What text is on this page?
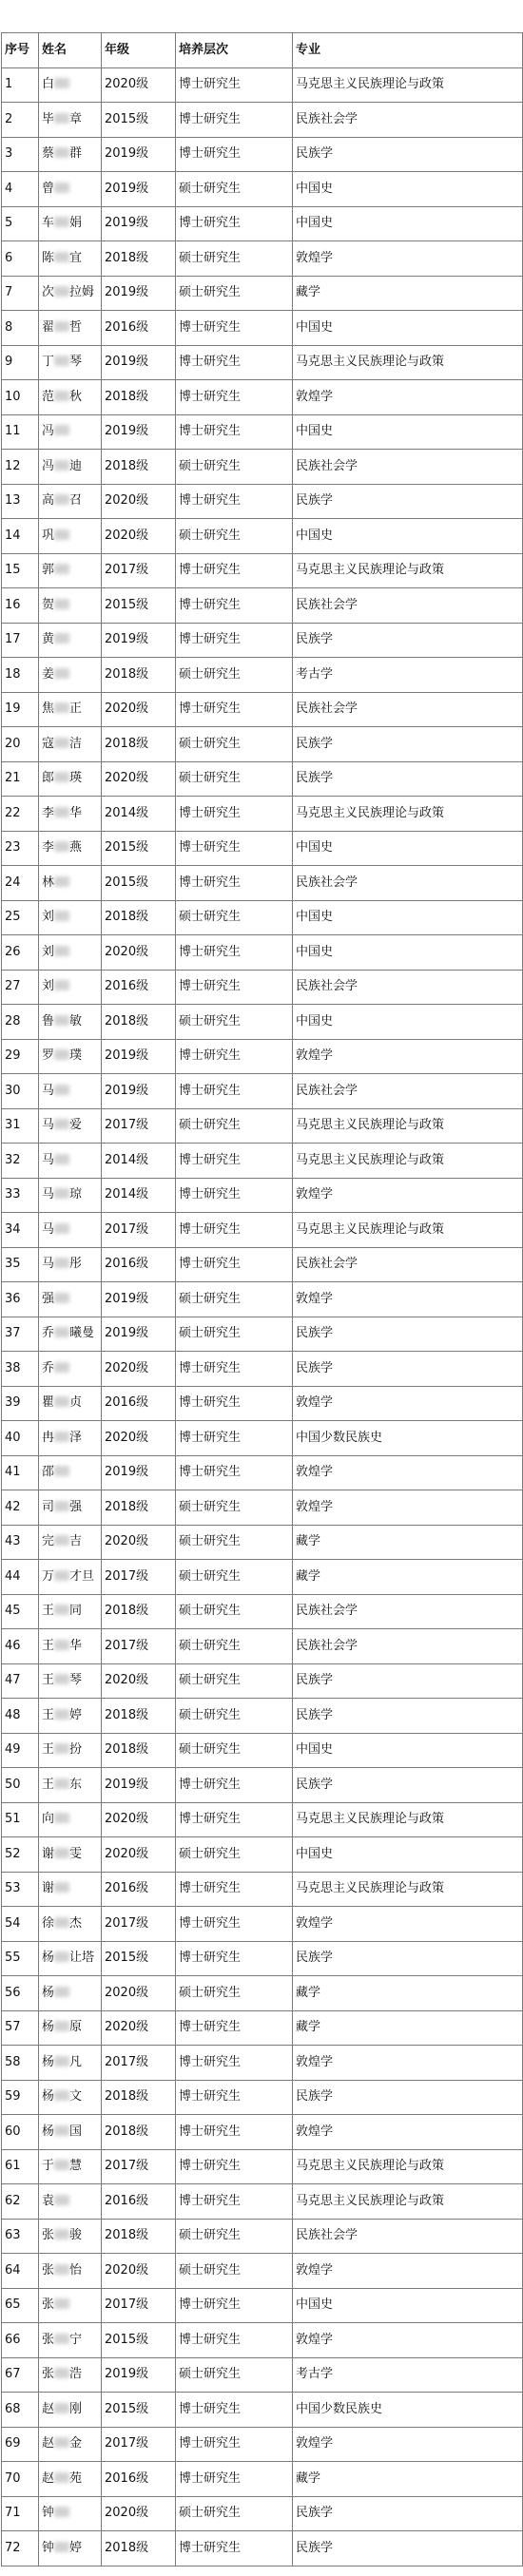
序号	姓名	年级	培养层次	专业
1	白	2020级	博士研究生	马克思主义民族理论与政策
2	毕 章	2015级	博士研究生	民族社会学
3	蔡 群	2019级	博士研究生	民族学
4	曾	2019级	硕士研究生	中国史
5	车 娟	2019级	博士研究生	中国史
6	陈 宜	2018级	硕士研究生	敦煌学
7	次 拉姆	2019级	硕士研究生	藏学
8	翟 哲	2016级	博士研究生	中国史
9	丁 琴	2019级	博士研究生	马克思主义民族理论与政策
10	范 秋	2018级	博士研究生	敦煌学
11	冯	2019级	博士研究生	中国史
12	冯 迪	2018级	硕士研究生	民族社会学
13	高 召	2020级	博士研究生	民族学
14	巩	2020级	硕士研究生	中国史
15	郭	2017级	博士研究生	马克思主义民族理论与政策
16	贺	2015级	博士研究生	民族社会学
17	黄	2019级	博士研究生	民族学
18	姜	2018级	硕士研究生	考古学
19	焦 正	2020级	博士研究生	民族社会学
20	寇 洁	2018级	硕士研究生	民族学
21	郎 瑛	2020级	硕士研究生	民族学
22	李 华	2014级	博士研究生	马克思主义民族理论与政策
23	李 燕	2015级	博士研究生	中国史
24	林	2015级	博士研究生	民族社会学
25	刘	2018级	硕士研究生	中国史
26	刘	2020级	博士研究生	中国史
27	刘	2016级	博士研究生	民族社会学
28	鲁 敏	2018级	硕士研究生	中国史
29	罗 璞	2019级	博士研究生	敦煌学
30	马	2019级	博士研究生	民族社会学
31	马 爱	2017级	硕士研究生	马克思主义民族理论与政策
32	马	2014级	博士研究生	马克思主义民族理论与政策
33	马 琼	2014级	博士研究生	敦煌学
34	马	2017级	博士研究生	马克思主义民族理论与政策
35	马 彤	2016级	博士研究生	民族社会学
36	强	2019级	硕士研究生	敦煌学
37	乔 曦曼	2019级	硕士研究生	民族学
38	乔	2020级	博士研究生	民族学
39	瞿 贞	2016级	博士研究生	敦煌学
40	冉 泽	2020级	博士研究生	中国少数民族史
41	邵	2019级	博士研究生	敦煌学
42	司 强	2018级	硕士研究生	敦煌学
43	完 吉	2020级	硕士研究生	藏学
44	万 才旦	2017级	硕士研究生	藏学
45	王 同	2018级	硕士研究生	民族社会学
46	王 华	2017级	硕士研究生	民族社会学
47	王 琴	2020级	硕士研究生	民族学
48	王 婷	2018级	硕士研究生	民族学
49	王 扮	2018级	硕士研究生	中国史
50	王 东	2019级	博士研究生	民族学
51	向	2020级	博士研究生	马克思主义民族理论与政策
52	谢 雯	2020级	硕士研究生	中国史
53	谢	2016级	博士研究生	马克思主义民族理论与政策
54	徐 杰	2017级	博士研究生	敦煌学
55	杨 让塔	2015级	博士研究生	民族学
56	杨	2020级	硕士研究生	藏学
57	杨 原	2020级	博士研究生	藏学
58	杨 凡	2017级	博士研究生	敦煌学
59	杨 文	2018级	博士研究生	民族学
60	杨 国	2018级	博士研究生	敦煌学
61	于 慧	2017级	博士研究生	马克思主义民族理论与政策
62	袁	2016级	博士研究生	马克思主义民族理论与政策
63	张 骏	2018级	硕士研究生	民族社会学
64	张 怡	2020级	硕士研究生	敦煌学
65	张	2017级	博士研究生	中国史
66	张 宁	2015级	博士研究生	敦煌学
67	张 浩	2019级	硕士研究生	考古学
68	赵 刚	2015级	博士研究生	中国少数民族史
69	赵 金	2017级	博士研究生	敦煌学
70	赵 苑	2016级	博士研究生	藏学
71	钟	2020级	硕士研究生	民族学
72	钟 婷	2018级	博士研究生	民族学
